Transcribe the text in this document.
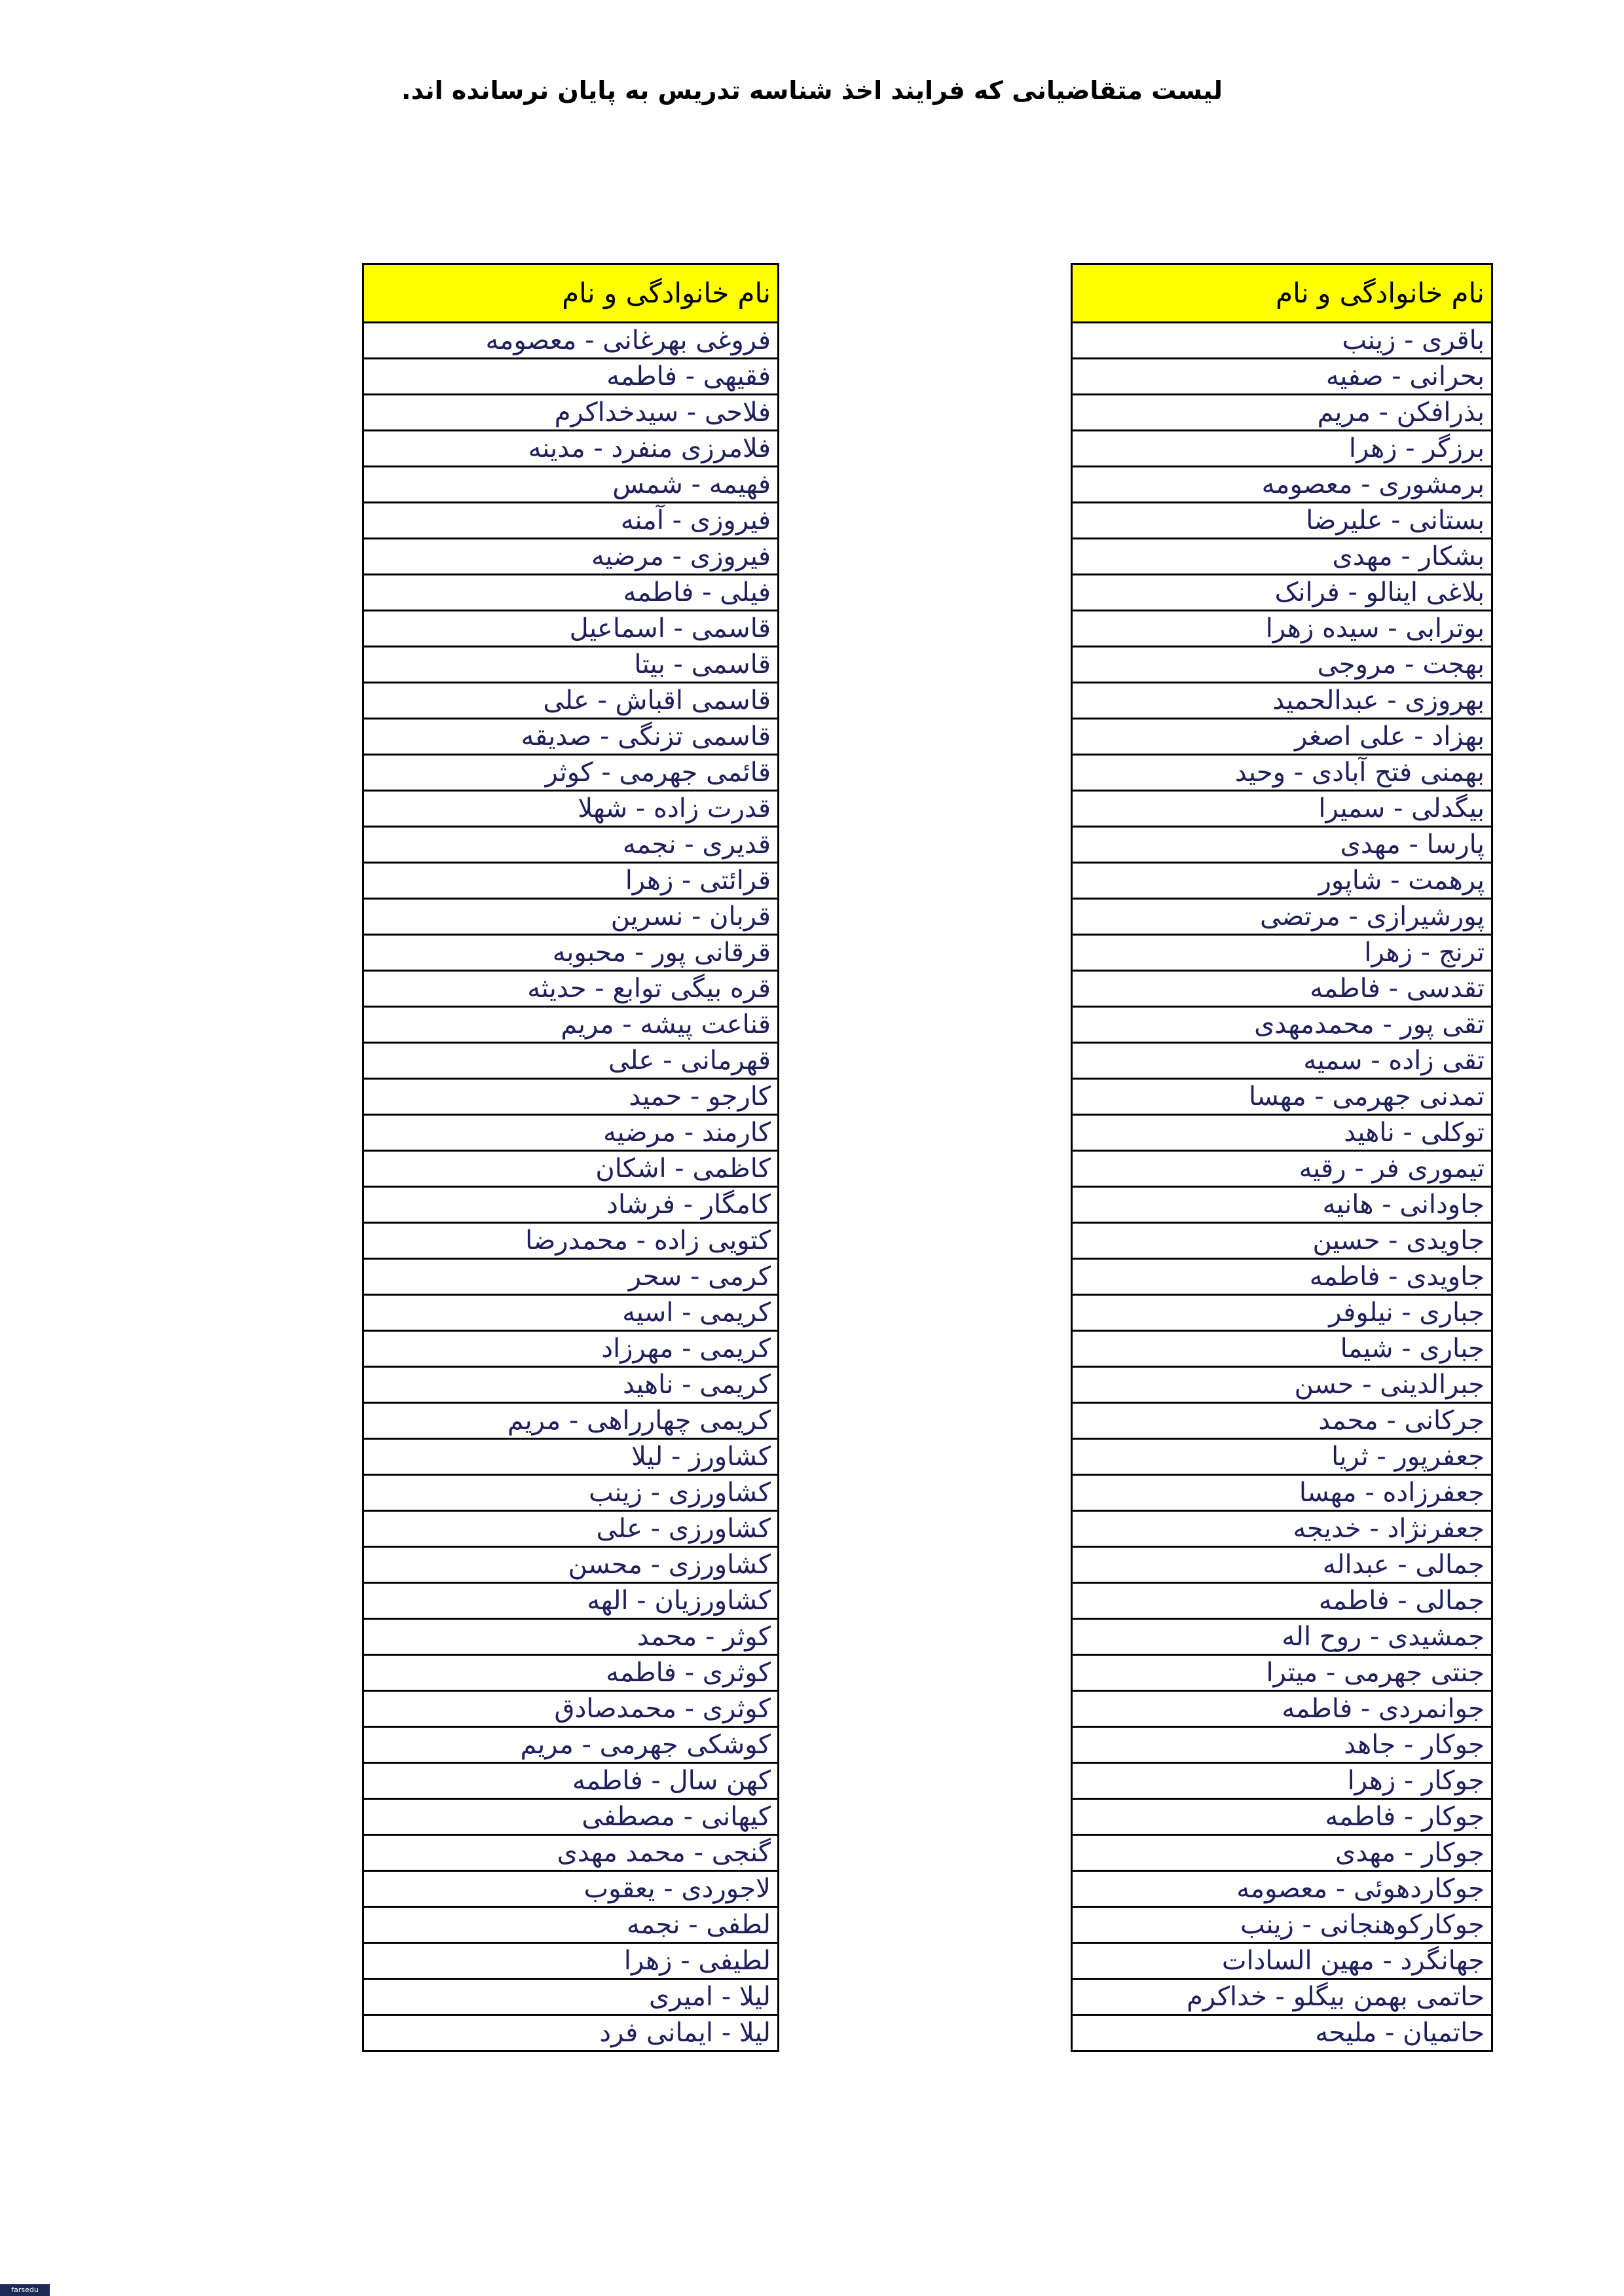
لیست متقاضیانی که فرایند اخذ شناسه تدریس به پایان نرسانده اند.
نام خانوادگی و نام
باقری - زینب
بحرانی - صفیه
بذرافکن - مریم
برزگر - زهرا
برمشوری - معصومه
بستانی - علیرضا
بشکار - مهدی
بلاغی اینالو - فرانک
بوترابی - سیده زهرا
بهجت - مروجی
بهروزی - عبدالحمید
بهزاد - علی اصغر
بهمنی فتح آبادی - وحید
بیگدلی - سمیرا
پارسا - مهدی
پرهمت - شاپور
پورشیرازی - مرتضی
ترنج - زهرا
تقدسی - فاطمه
تقی پور - محمدمهدی
تقی زاده - سمیه
تمدنی جهرمی - مهسا
توکلی - ناهید
تیموری فر - رقیه
جاودانی - هانیه
جاویدی - حسین
جاویدی - فاطمه
جباری - نیلوفر
جباری - شیما
جبرالدینی - حسن
جرکانی - محمد
جعفرپور - ثریا
جعفرزاده - مهسا
جعفرنژاد - خدیجه
جمالی - عبداله
جمالی - فاطمه
جمشیدی - روح اله
جنتی جهرمی - میترا
جوانمردی - فاطمه
جوکار - جاهد
جوکار - زهرا
جوکار - فاطمه
جوکار - مهدی
جوکاردهوئی - معصومه
جوکارکوهنجانی - زینب
جهانگرد - مهین السادات
حاتمی بهمن بیگلو - خداکرم
حاتمیان - ملیحه
نام خانوادگی و نام
فروغی بهرغانی - معصومه
فقیهی - فاطمه
فلاحی - سیدخداکرم
فلامرزی منفرد - مدینه
فهیمه - شمس
فیروزی - آمنه
فیروزی - مرضیه
فیلی - فاطمه
قاسمی - اسماعیل
قاسمی - بیتا
قاسمی اقباش - علی
قاسمی تزنگی - صدیقه
قائمی جهرمی - کوثر
قدرت زاده - شهلا
قدیری - نجمه
قرائتی - زهرا
قربان - نسرین
قرقانی پور - محبوبه
قره بیگی توابع - حدیثه
قناعت پیشه - مریم
قهرمانی - علی
کارجو - حمید
کارمند - مرضیه
کاظمی - اشکان
کامگار - فرشاد
کتویی زاده - محمدرضا
کرمی - سحر
کریمی - اسیه
کریمی - مهرزاد
کریمی - ناهید
کریمی چهارراهی - مریم
کشاورز - لیلا
کشاورزی - زینب
کشاورزی - علی
کشاورزی - محسن
کشاورزیان - الهه
کوثر - محمد
کوثری - فاطمه
کوثری - محمدصادق
کوشکی جهرمی - مریم
کهن سال - فاطمه
کیهانی - مصطفی
گنجی - محمد مهدی
لاجوردی - یعقوب
لطفی - نجمه
لطیفی - زهرا
لیلا - امیری
لیلا - ایمانی فرد
farsedu
